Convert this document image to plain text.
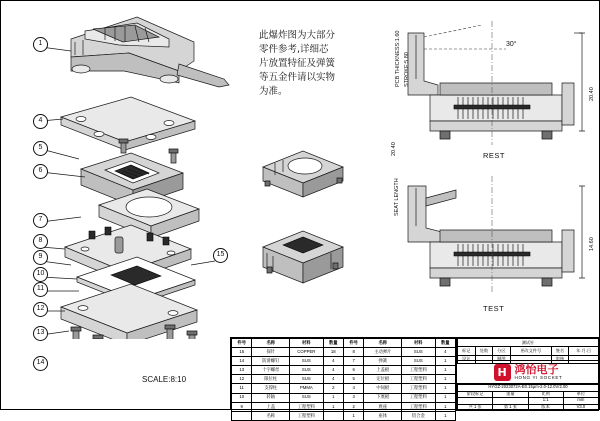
1
4
5
6
7
8
9
10
11
12
13
14
15
SCALE:8:10
此爆炸图为大部分零件参考,详细芯片放置特征及弹簧等五金件请以实物为准。
30°
20.40
PCB THICKNESS:1.60 STROKE:5.80
REST
20.40
14.60
TEST
SEAT LENGTH
件号	名称	材料	数量	件号	名称	材料	数量
15	探针	COPPER	18	8	主动弹片	SUS	4
14	防滑螺钉	SUS	4	7	弹簧	SUS	1
13	十字螺丝	SUS	4	6	上盖板	工程塑料	1
12	限位柱	SUS	4	5	定位板	工程塑料	1
11	支撑柱	PMMA	2	4	中间板	工程塑料	1
10	转轴	SUS	1	3	下底板	工程塑料	1
9	上盖	工程塑料	1	2	底座	工程塑料	1
	名称	工程塑料		1	座体	铝合金	1
测试针					
标记	处数	分区	更改文件号	签名	年.月.日
设计		制图		审核	
H 鸿怡电子
HONG YI SOCKET
HYGZ-2023072A-E0.15μm-2.0-12.0V/2.00			
阶段标记	重量	比例	单位
		1:1	mm
共 1 张	第 1 张	版本	V3.0
